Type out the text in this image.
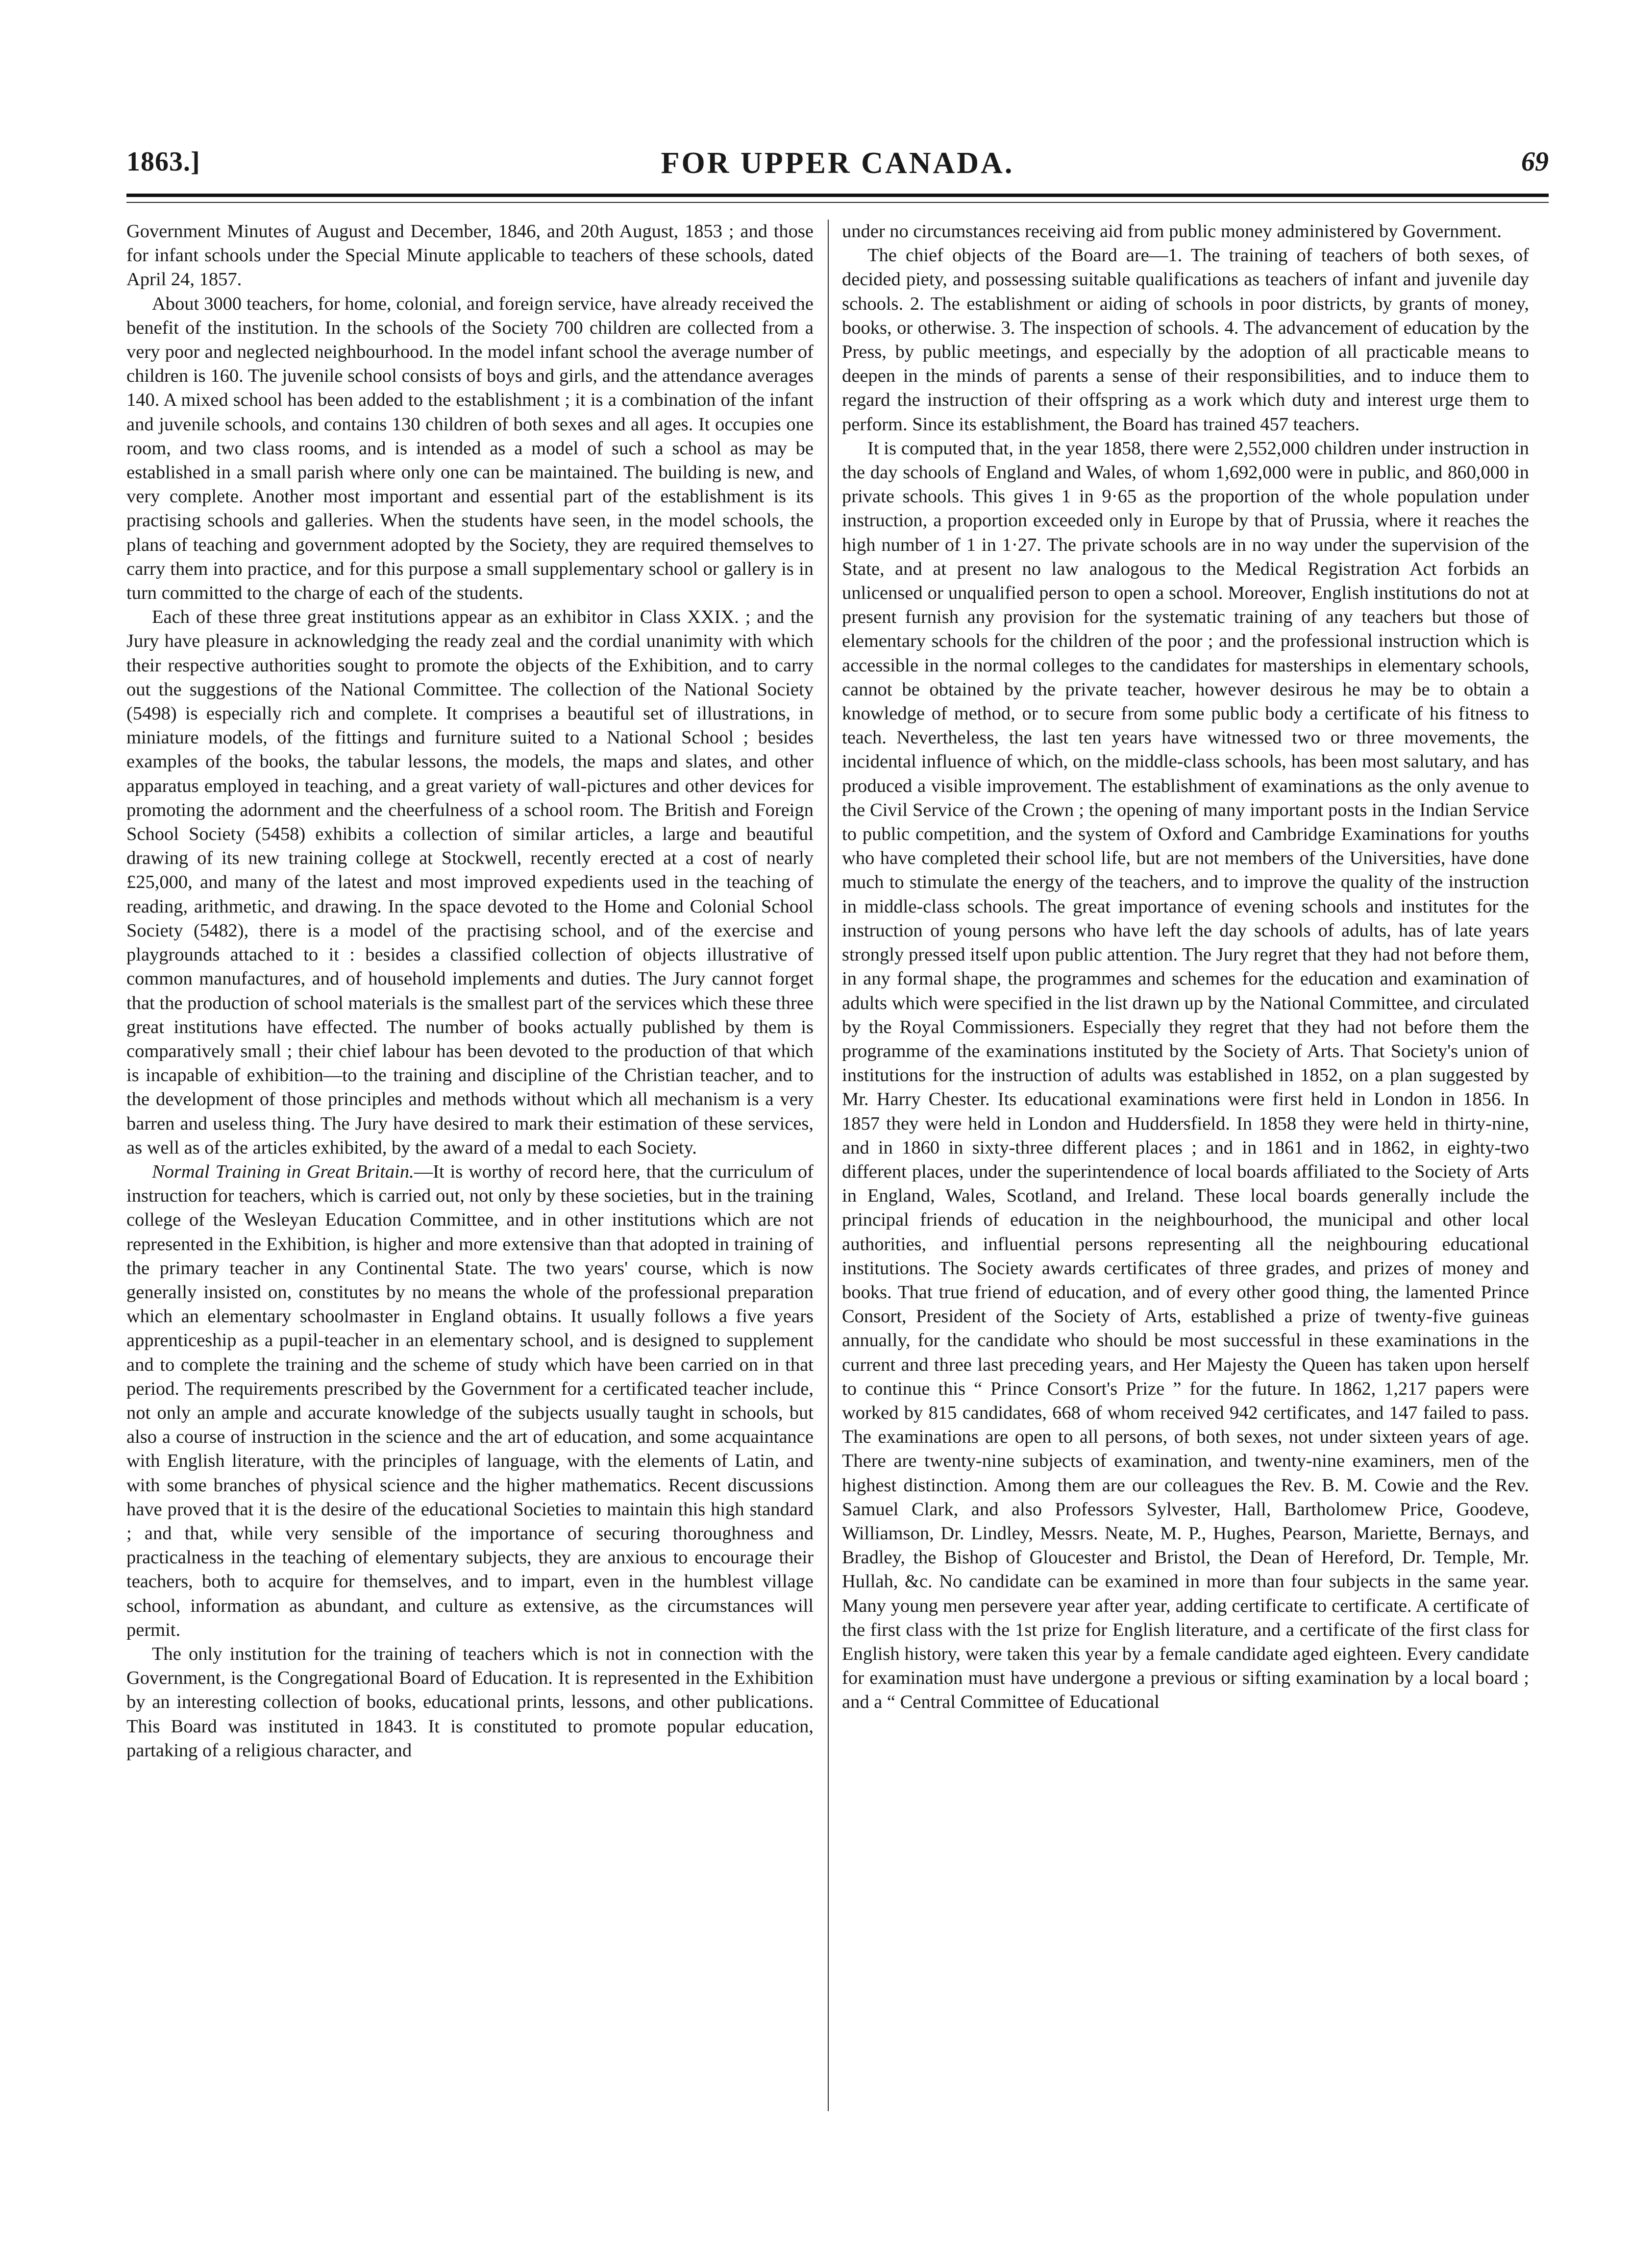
1863.]	FOR UPPER CANADA.	69

Government Minutes of August and December, 1846, and 20th August, 1853 ; and those for infant schools under the Special Minute applicable to teachers of these schools, dated April 24, 1857.

About 3000 teachers, for home, colonial, and foreign service, have already received the benefit of the institution. In the schools of the Society 700 children are collected from a very poor and neglected neighbourhood. In the model infant school the average number of children is 160. The juvenile school consists of boys and girls, and the attendance averages 140. A mixed school has been added to the establishment ; it is a combination of the infant and juvenile schools, and contains 130 children of both sexes and all ages. It occupies one room, and two class rooms, and is intended as a model of such a school as may be established in a small parish where only one can be maintained. The building is new, and very complete. Another most important and essential part of the establishment is its practising schools and galleries. When the students have seen, in the model schools, the plans of teaching and government adopted by the Society, they are required themselves to carry them into practice, and for this purpose a small supplementary school or gallery is in turn committed to the charge of each of the students.

Each of these three great institutions appear as an exhibitor in Class XXIX. ; and the Jury have pleasure in acknowledging the ready zeal and the cordial unanimity with which their respective authorities sought to promote the objects of the Exhibition, and to carry out the suggestions of the National Committee. The collection of the National Society (5498) is especially rich and complete. It comprises a beautiful set of illustrations, in miniature models, of the fittings and furniture suited to a National School ; besides examples of the books, the tabular lessons, the models, the maps and slates, and other apparatus employed in teaching, and a great variety of wall-pictures and other devices for promoting the adornment and the cheerfulness of a school room. The British and Foreign School Society (5458) exhibits a collection of similar articles, a large and beautiful drawing of its new training college at Stockwell, recently erected at a cost of nearly £25,000, and many of the latest and most improved expedients used in the teaching of reading, arithmetic, and drawing. In the space devoted to the Home and Colonial School Society (5482), there is a model of the practising school, and of the exercise and playgrounds attached to it : besides a classified collection of objects illustrative of common manufactures, and of household implements and duties. The Jury cannot forget that the production of school materials is the smallest part of the services which these three great institutions have effected. The number of books actually published by them is comparatively small ; their chief labour has been devoted to the production of that which is incapable of exhibition—to the training and discipline of the Christian teacher, and to the development of those principles and methods without which all mechanism is a very barren and useless thing. The Jury have desired to mark their estimation of these services, as well as of the articles exhibited, by the award of a medal to each Society.

Normal Training in Great Britain.—It is worthy of record here, that the curriculum of instruction for teachers, which is carried out, not only by these societies, but in the training college of the Wesleyan Education Committee, and in other institutions which are not represented in the Exhibition, is higher and more extensive than that adopted in training of the primary teacher in any Continental State. The two years' course, which is now generally insisted on, constitutes by no means the whole of the professional preparation which an elementary schoolmaster in England obtains. It usually follows a five years apprenticeship as a pupil-teacher in an elementary school, and is designed to supplement and to complete the training and the scheme of study which have been carried on in that period. The requirements prescribed by the Government for a certificated teacher include, not only an ample and accurate knowledge of the subjects usually taught in schools, but also a course of instruction in the science and the art of education, and some acquaintance with English literature, with the principles of language, with the elements of Latin, and with some branches of physical science and the higher mathematics. Recent discussions have proved that it is the desire of the educational Societies to maintain this high standard ; and that, while very sensible of the importance of securing thoroughness and practicalness in the teaching of elementary subjects, they are anxious to encourage their teachers, both to acquire for themselves, and to impart, even in the humblest village school, information as abundant, and culture as extensive, as the circumstances will permit.

The only institution for the training of teachers which is not in connection with the Government, is the Congregational Board of Education. It is represented in the Exhibition by an interesting collection of books, educational prints, lessons, and other publications. This Board was instituted in 1843. It is constituted to promote popular education, partaking of a religious character, and

under no circumstances receiving aid from public money administered by Government.

The chief objects of the Board are—1. The training of teachers of both sexes, of decided piety, and possessing suitable qualifications as teachers of infant and juvenile day schools. 2. The establishment or aiding of schools in poor districts, by grants of money, books, or otherwise. 3. The inspection of schools. 4. The advancement of education by the Press, by public meetings, and especially by the adoption of all practicable means to deepen in the minds of parents a sense of their responsibilities, and to induce them to regard the instruction of their offspring as a work which duty and interest urge them to perform. Since its establishment, the Board has trained 457 teachers.

It is computed that, in the year 1858, there were 2,552,000 children under instruction in the day schools of England and Wales, of whom 1,692,000 were in public, and 860,000 in private schools. This gives 1 in 9·65 as the proportion of the whole population under instruction, a proportion exceeded only in Europe by that of Prussia, where it reaches the high number of 1 in 1·27. The private schools are in no way under the supervision of the State, and at present no law analogous to the Medical Registration Act forbids an unlicensed or unqualified person to open a school. Moreover, English institutions do not at present furnish any provision for the systematic training of any teachers but those of elementary schools for the children of the poor ; and the professional instruction which is accessible in the normal colleges to the candidates for masterships in elementary schools, cannot be obtained by the private teacher, however desirous he may be to obtain a knowledge of method, or to secure from some public body a certificate of his fitness to teach. Nevertheless, the last ten years have witnessed two or three movements, the incidental influence of which, on the middle-class schools, has been most salutary, and has produced a visible improvement. The establishment of examinations as the only avenue to the Civil Service of the Crown ; the opening of many important posts in the Indian Service to public competition, and the system of Oxford and Cambridge Examinations for youths who have completed their school life, but are not members of the Universities, have done much to stimulate the energy of the teachers, and to improve the quality of the instruction in middle-class schools. The great importance of evening schools and institutes for the instruction of young persons who have left the day schools of adults, has of late years strongly pressed itself upon public attention. The Jury regret that they had not before them, in any formal shape, the programmes and schemes for the education and examination of adults which were specified in the list drawn up by the National Committee, and circulated by the Royal Commissioners. Especially they regret that they had not before them the programme of the examinations instituted by the Society of Arts. That Society's union of institutions for the instruction of adults was established in 1852, on a plan suggested by Mr. Harry Chester. Its educational examinations were first held in London in 1856. In 1857 they were held in London and Huddersfield. In 1858 they were held in thirty-nine, and in 1860 in sixty-three different places ; and in 1861 and in 1862, in eighty-two different places, under the superintendence of local boards affiliated to the Society of Arts in England, Wales, Scotland, and Ireland. These local boards generally include the principal friends of education in the neighbourhood, the municipal and other local authorities, and influential persons representing all the neighbouring educational institutions. The Society awards certificates of three grades, and prizes of money and books. That true friend of education, and of every other good thing, the lamented Prince Consort, President of the Society of Arts, established a prize of twenty-five guineas annually, for the candidate who should be most successful in these examinations in the current and three last preceding years, and Her Majesty the Queen has taken upon herself to continue this “ Prince Consort's Prize ” for the future. In 1862, 1,217 papers were worked by 815 candidates, 668 of whom received 942 certificates, and 147 failed to pass. The examinations are open to all persons, of both sexes, not under sixteen years of age. There are twenty-nine subjects of examination, and twenty-nine examiners, men of the highest distinction. Among them are our colleagues the Rev. B. M. Cowie and the Rev. Samuel Clark, and also Professors Sylvester, Hall, Bartholomew Price, Goodeve, Williamson, Dr. Lindley, Messrs. Neate, M. P., Hughes, Pearson, Mariette, Bernays, and Bradley, the Bishop of Gloucester and Bristol, the Dean of Hereford, Dr. Temple, Mr. Hullah, &c. No candidate can be examined in more than four subjects in the same year. Many young men persevere year after year, adding certificate to certificate. A certificate of the first class with the 1st prize for English literature, and a certificate of the first class for English history, were taken this year by a female candidate aged eighteen. Every candidate for examination must have undergone a previous or sifting examination by a local board ; and a “ Central Committee of Educational
